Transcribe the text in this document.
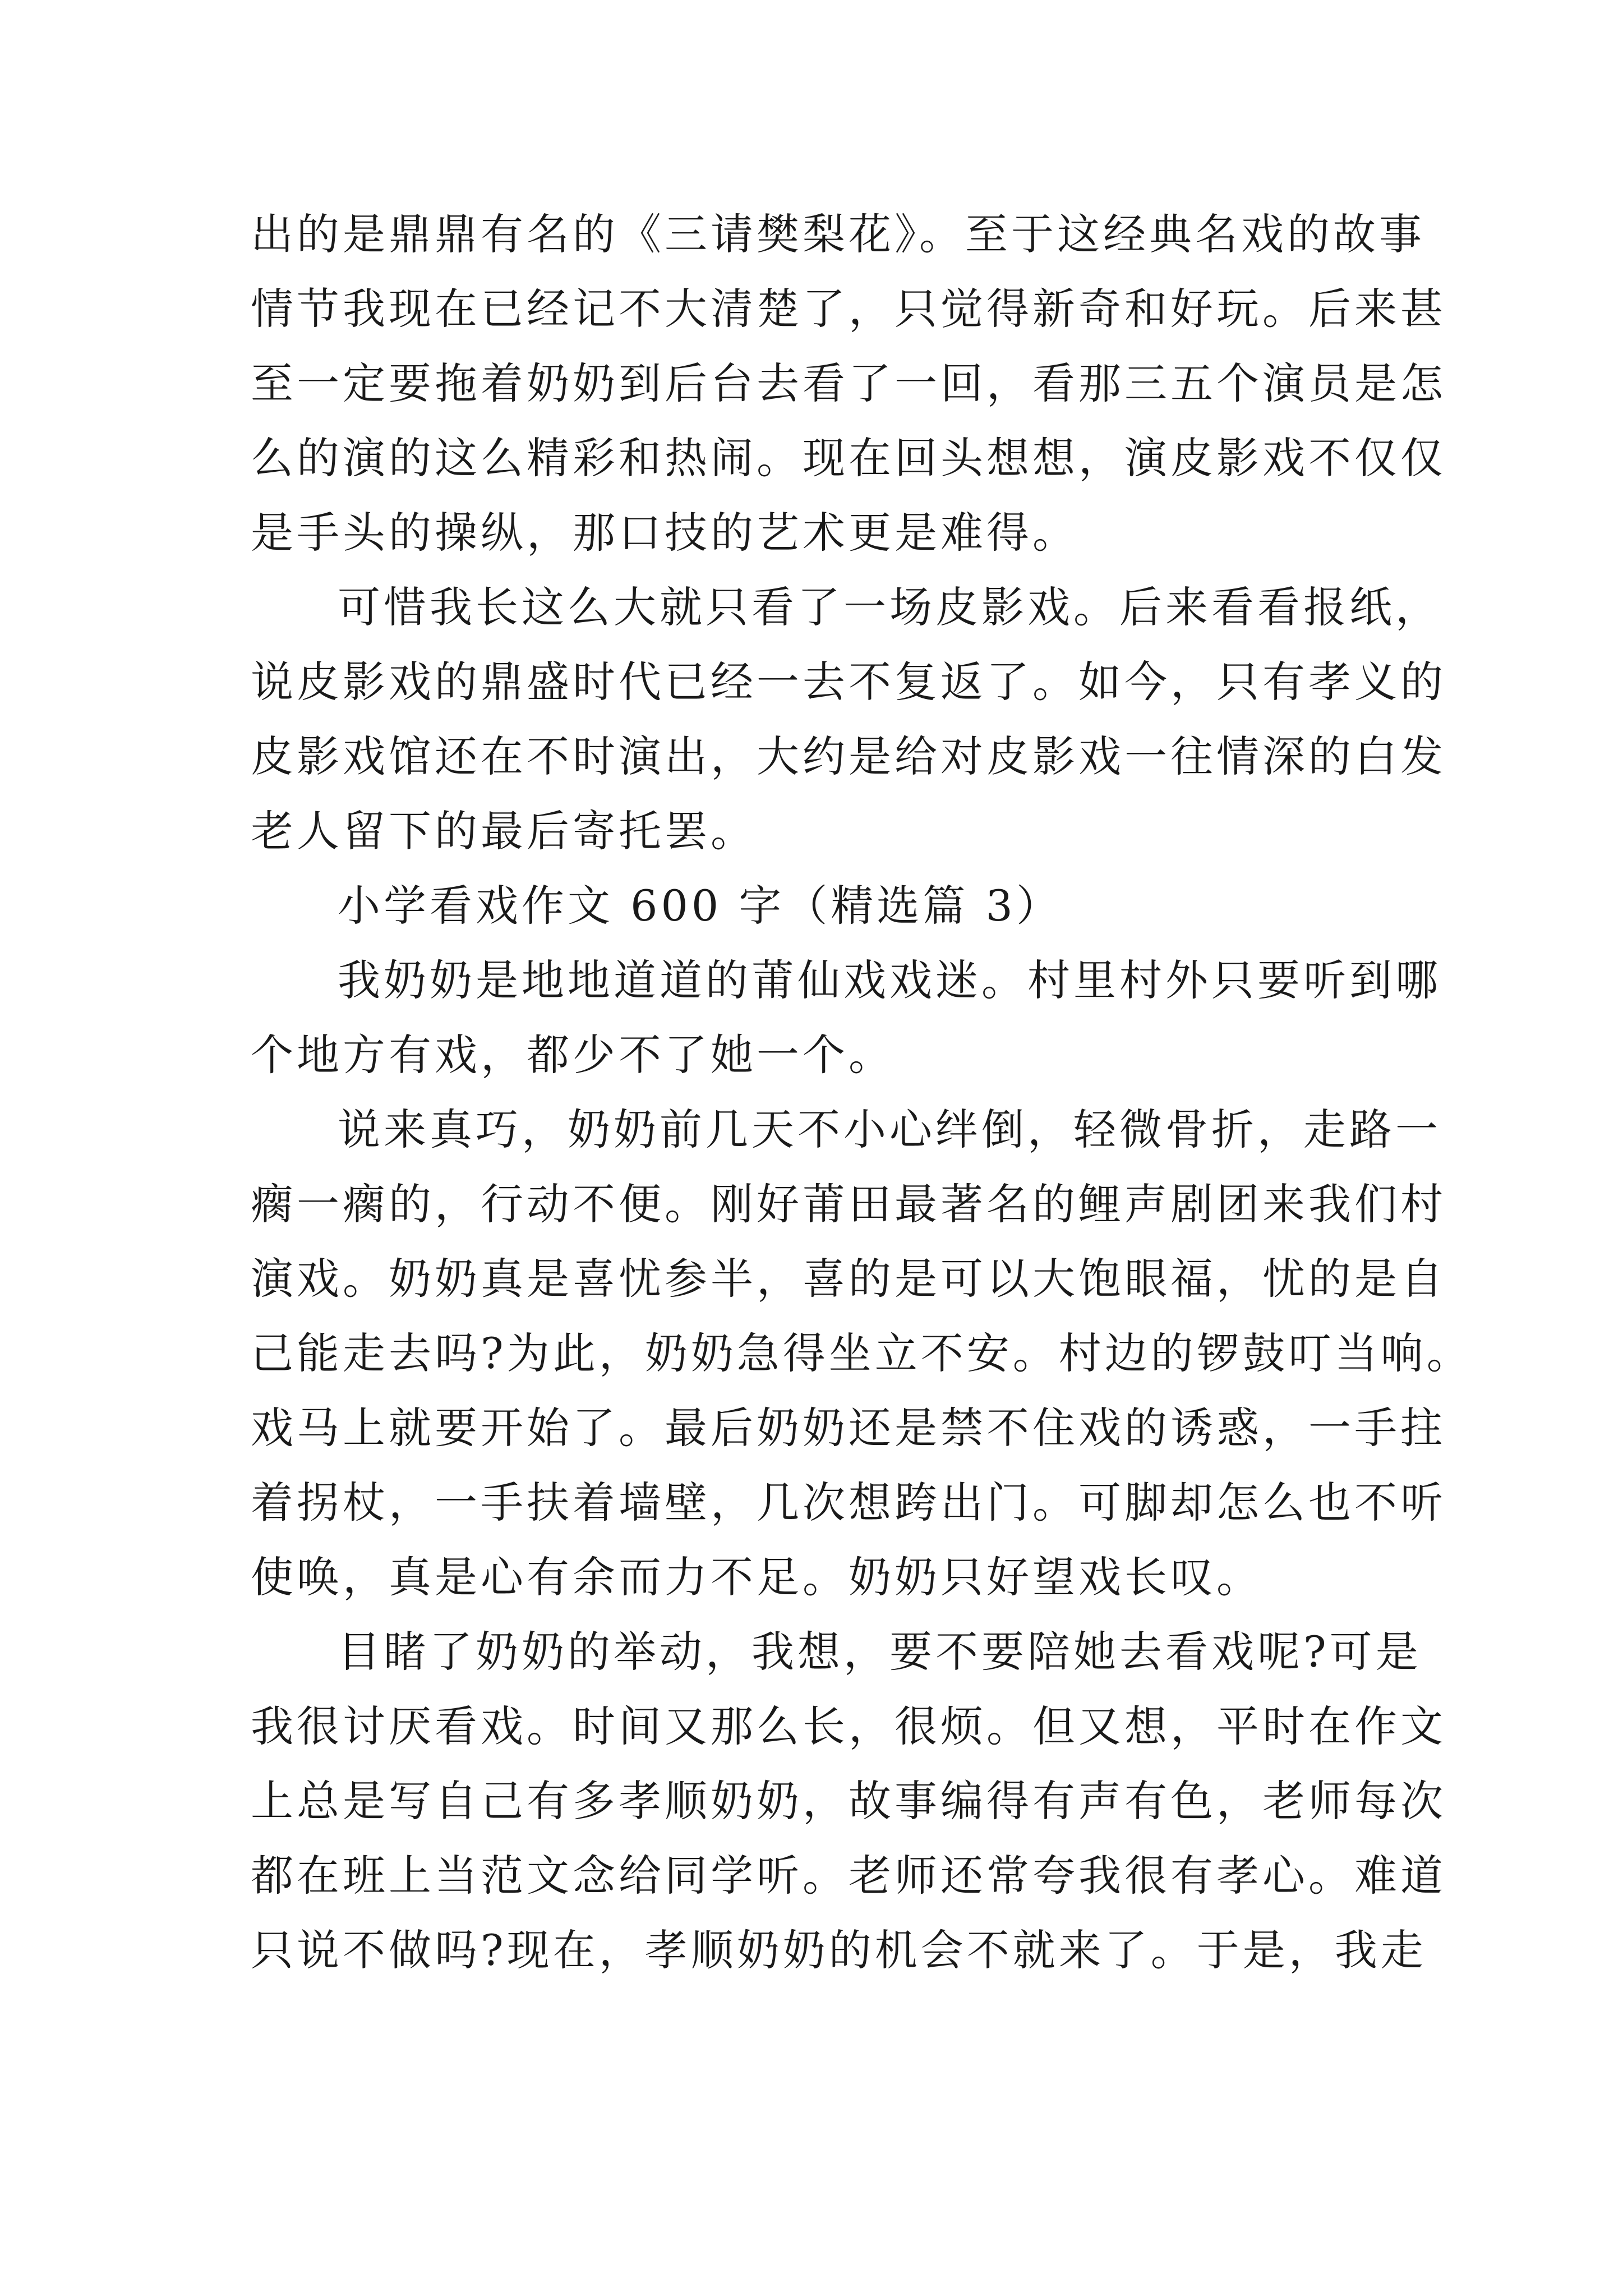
出的是鼎鼎有名的《三请樊梨花》。至于这经典名戏的故事
情节我现在已经记不大清楚了，只觉得新奇和好玩。后来甚
至一定要拖着奶奶到后台去看了一回，看那三五个演员是怎
么的演的这么精彩和热闹。现在回头想想，演皮影戏不仅仅
是手头的操纵，那口技的艺术更是难得。
可惜我长这么大就只看了一场皮影戏。后来看看报纸，
说皮影戏的鼎盛时代已经一去不复返了。如今，只有孝义的
皮影戏馆还在不时演出，大约是给对皮影戏一往情深的白发
老人留下的最后寄托罢。
小学看戏作文 600 字（精选篇 3）
我奶奶是地地道道的莆仙戏戏迷。村里村外只要听到哪
个地方有戏，都少不了她一个。
说来真巧，奶奶前几天不小心绊倒，轻微骨折，走路一
瘸一瘸的，行动不便。刚好莆田最著名的鲤声剧团来我们村
演戏。奶奶真是喜忧参半，喜的是可以大饱眼福，忧的是自
己能走去吗?为此，奶奶急得坐立不安。村边的锣鼓叮当响。
戏马上就要开始了。最后奶奶还是禁不住戏的诱惑，一手拄
着拐杖，一手扶着墙壁，几次想跨出门。可脚却怎么也不听
使唤，真是心有余而力不足。奶奶只好望戏长叹。
目睹了奶奶的举动，我想，要不要陪她去看戏呢?可是
我很讨厌看戏。时间又那么长，很烦。但又想，平时在作文
上总是写自己有多孝顺奶奶，故事编得有声有色，老师每次
都在班上当范文念给同学听。老师还常夸我很有孝心。难道
只说不做吗?现在，孝顺奶奶的机会不就来了。于是，我走
